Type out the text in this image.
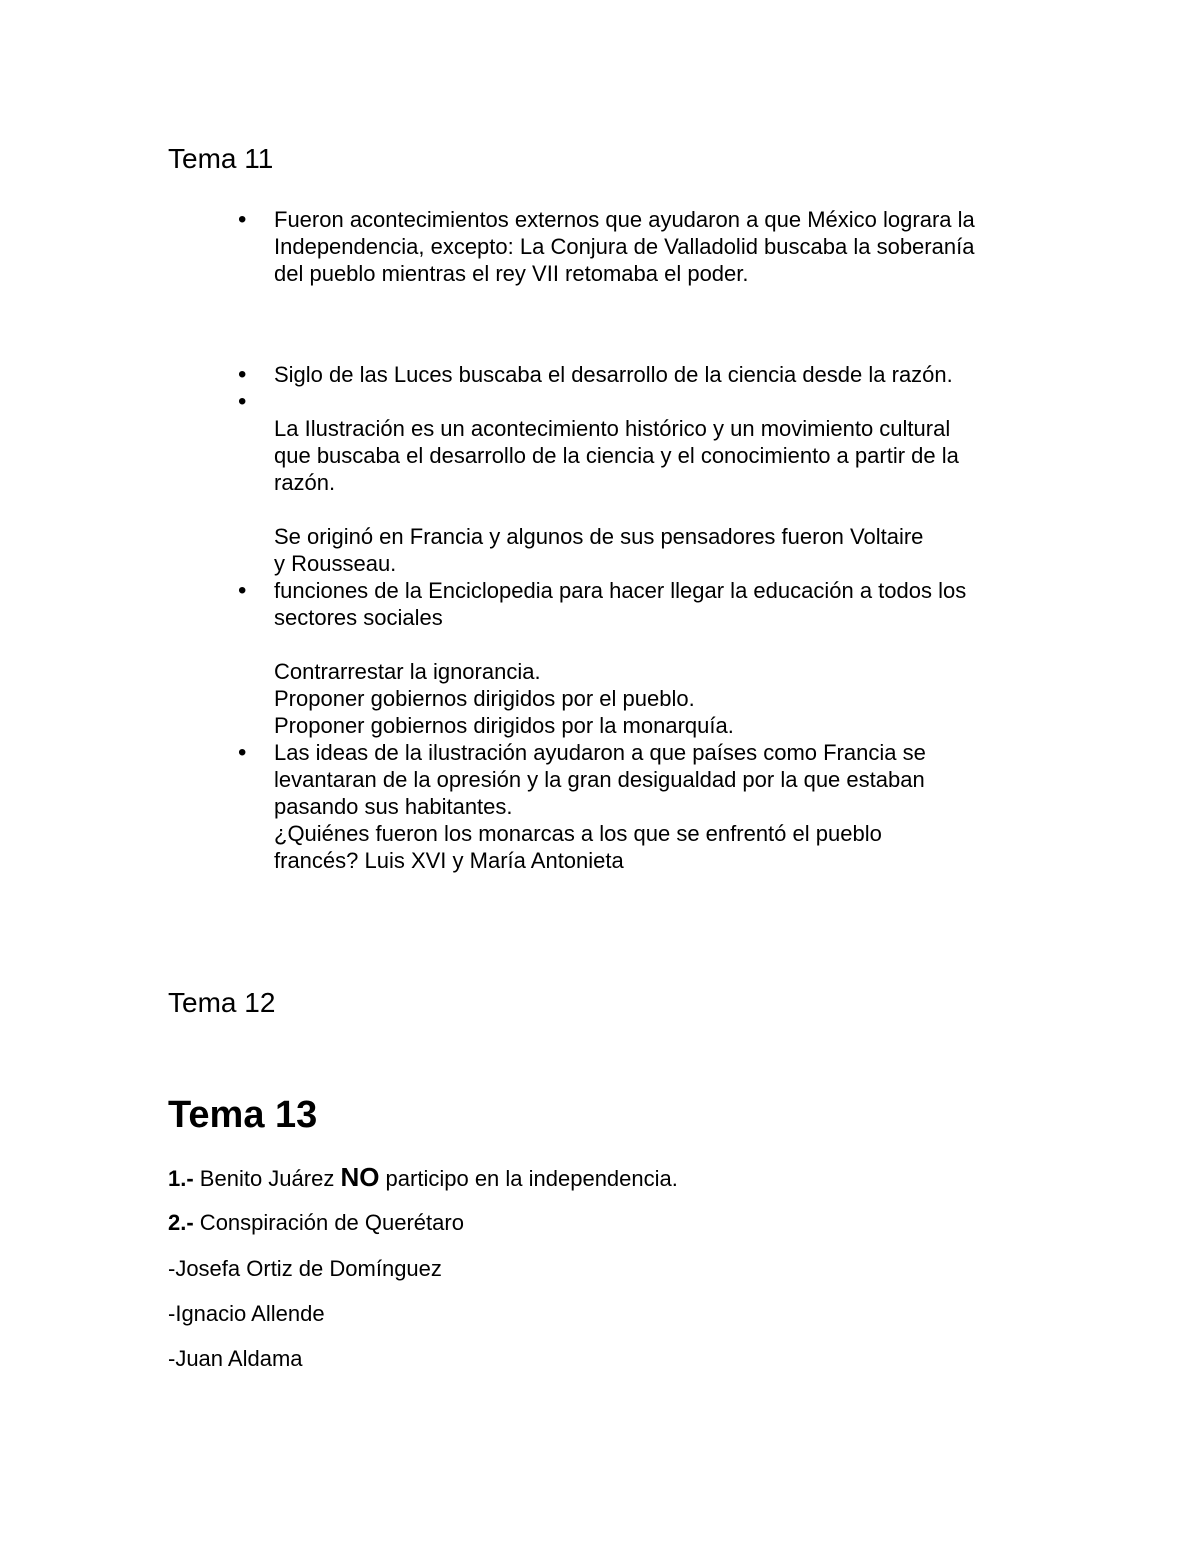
Tema 11
• Fueron acontecimientos externos que ayudaron a que México lograra la
Independencia, excepto: La Conjura de Valladolid buscaba la soberanía
del pueblo mientras el rey VII retomaba el poder.
• Siglo de las Luces buscaba el desarrollo de la ciencia desde la razón.
•
La Ilustración es un acontecimiento histórico y un movimiento cultural
que buscaba el desarrollo de la ciencia y el conocimiento a partir de la
razón.
Se originó en Francia y algunos de sus pensadores fueron Voltaire
y Rousseau.
• funciones de la Enciclopedia para hacer llegar la educación a todos los
sectores sociales
Contrarrestar la ignorancia.
Proponer gobiernos dirigidos por el pueblo.
Proponer gobiernos dirigidos por la monarquía.
• Las ideas de la ilustración ayudaron a que países como Francia se
levantaran de la opresión y la gran desigualdad por la que estaban
pasando sus habitantes.
¿Quiénes fueron los monarcas a los que se enfrentó el pueblo
francés? Luis XVI y María Antonieta
Tema 12
Tema 13
1.- Benito Juárez NO participo en la independencia.
2.- Conspiración de Querétaro
-Josefa Ortiz de Domínguez
-Ignacio Allende
-Juan Aldama
